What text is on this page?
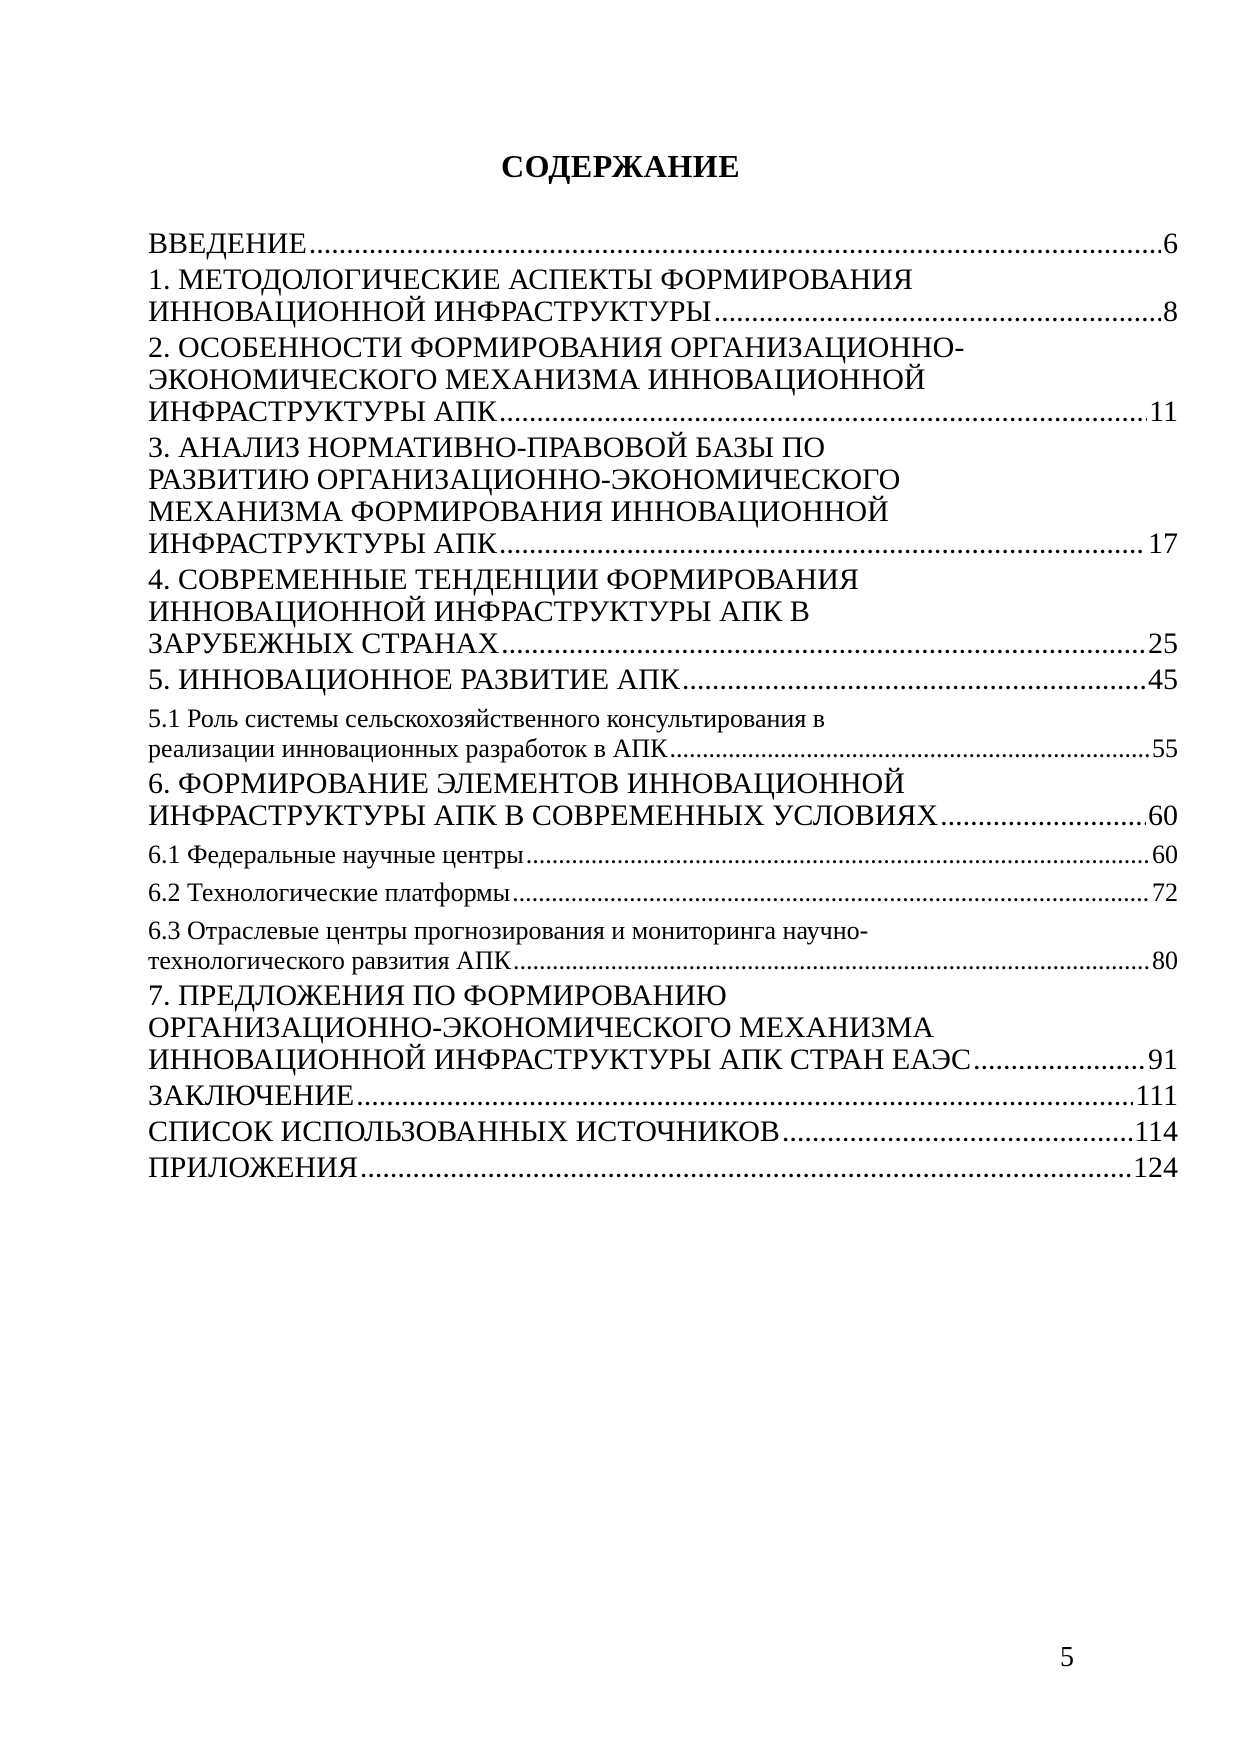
СОДЕРЖАНИЕ
ВВЕДЕНИЕ .....	6
1. МЕТОДОЛОГИЧЕСКИЕ АСПЕКТЫ ФОРМИРОВАНИЯ
ИННОВАЦИОННОЙ ИНФРАСТРУКТУРЫ .....	8
2. ОСОБЕННОСТИ ФОРМИРОВАНИЯ ОРГАНИЗАЦИОННО-
ЭКОНОМИЧЕСКОГО МЕХАНИЗМА ИННОВАЦИОННОЙ
ИНФРАСТРУКТУРЫ АПК .....	11
3. АНАЛИЗ НОРМАТИВНО-ПРАВОВОЙ БАЗЫ ПО
РАЗВИТИЮ ОРГАНИЗАЦИОННО-ЭКОНОМИЧЕСКОГО
МЕХАНИЗМА ФОРМИРОВАНИЯ ИННОВАЦИОННОЙ
ИНФРАСТРУКТУРЫ АПК .....	17
4. СОВРЕМЕННЫЕ ТЕНДЕНЦИИ ФОРМИРОВАНИЯ
ИННОВАЦИОННОЙ ИНФРАСТРУКТУРЫ АПК В
ЗАРУБЕЖНЫХ СТРАНАХ .....	25
5. ИННОВАЦИОННОЕ РАЗВИТИЕ АПК .....	45
5.1 Роль системы сельскохозяйственного консультирования в
реализации инновационных разработок в АПК .....	55
6. ФОРМИРОВАНИЕ ЭЛЕМЕНТОВ ИННОВАЦИОННОЙ
ИНФРАСТРУКТУРЫ АПК В СОВРЕМЕННЫХ УСЛОВИЯХ .....	60
6.1 Федеральные научные центры .....	60
6.2 Технологические платформы .....	72
6.3 Отраслевые центры прогнозирования и мониторинга научно-
технологического равзития АПК .....	80
7. ПРЕДЛОЖЕНИЯ ПО ФОРМИРОВАНИЮ
ОРГАНИЗАЦИОННО-ЭКОНОМИЧЕСКОГО МЕХАНИЗМА
ИННОВАЦИОННОЙ ИНФРАСТРУКТУРЫ АПК СТРАН ЕАЭС .....	91
ЗАКЛЮЧЕНИЕ .....	111
СПИСОК ИСПОЛЬЗОВАННЫХ ИСТОЧНИКОВ .....	114
ПРИЛОЖЕНИЯ .....	124
5
